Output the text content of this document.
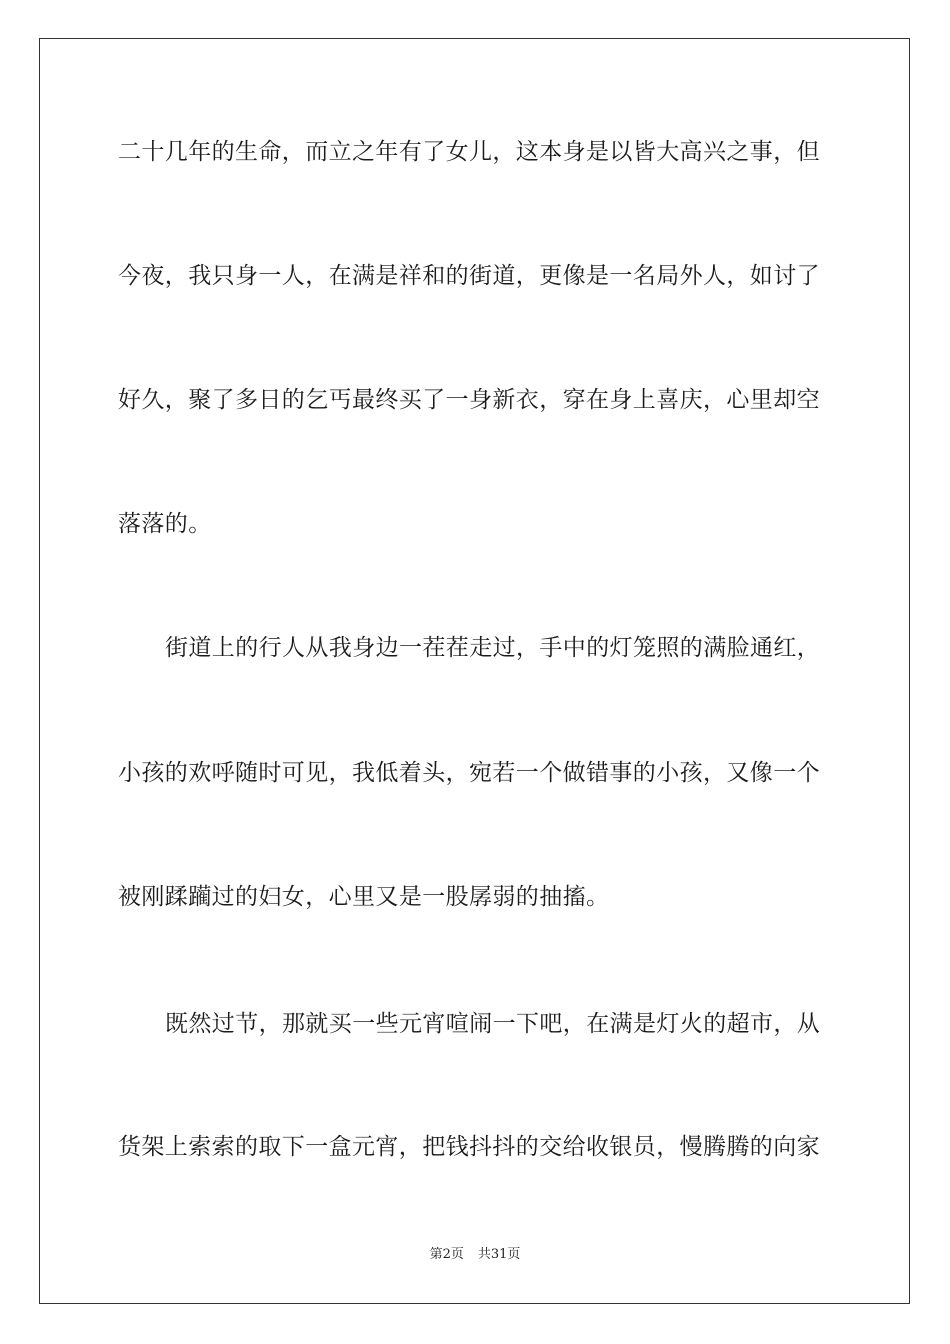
二十几年的生命，而立之年有了女儿，这本身是以皆大高兴之事，但
今夜，我只身一人，在满是祥和的街道，更像是一名局外人，如讨了
好久，聚了多日的乞丐最终买了一身新衣，穿在身上喜庆，心里却空
落落的。
街道上的行人从我身边一茬茬走过，手中的灯笼照的满脸通红，
小孩的欢呼随时可见，我低着头，宛若一个做错事的小孩，又像一个
被刚蹂躏过的妇女，心里又是一股孱弱的抽搐。
既然过节，那就买一些元宵喧闹一下吧，在满是灯火的超市，从
货架上索索的取下一盒元宵，把钱抖抖的交给收银员，慢腾腾的向家
第2页 共31页
